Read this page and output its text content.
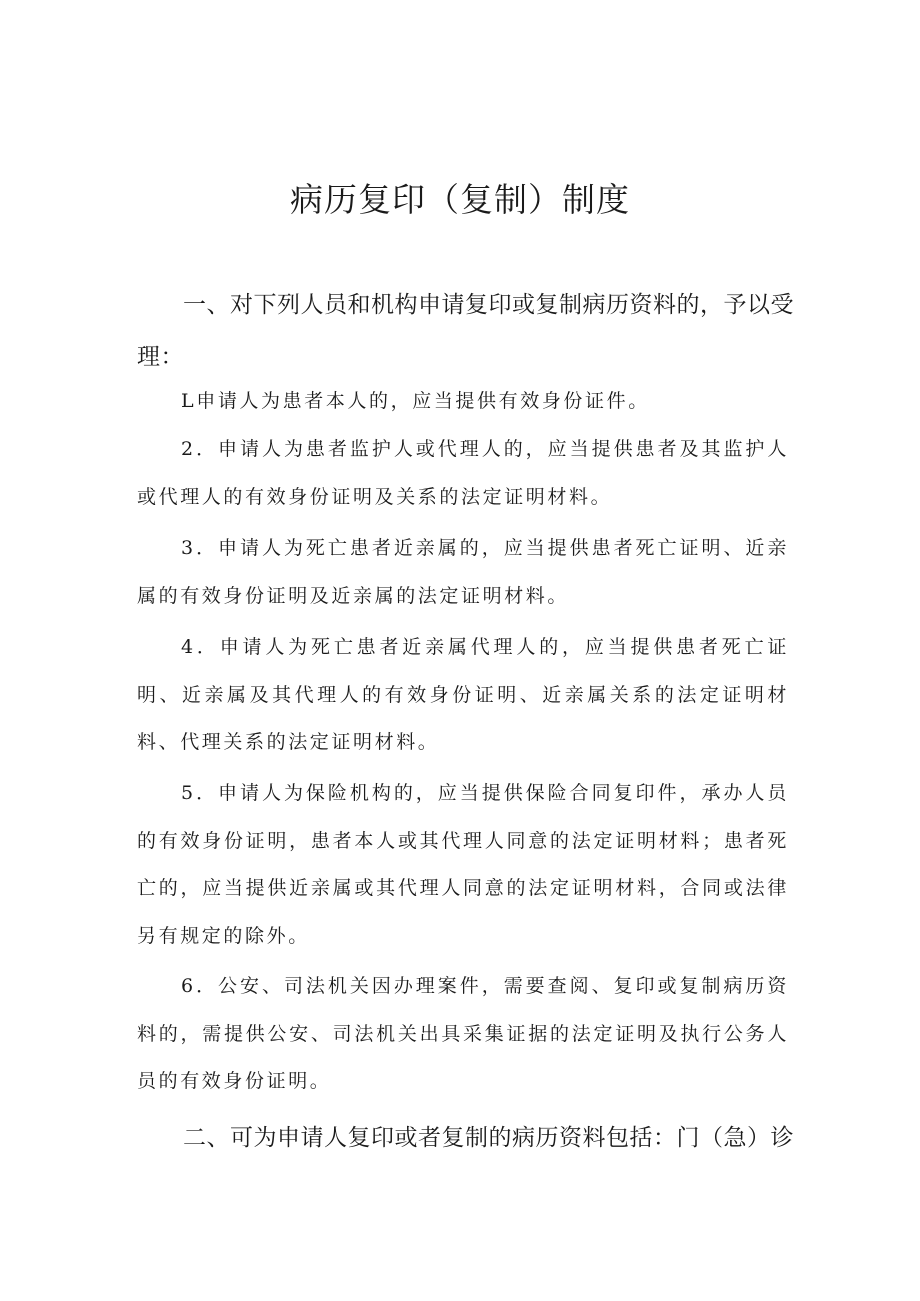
病历复印（复制）制度
一、对下列人员和机构申请复印或复制病历资料的，予以受理：
L申请人为患者本人的，应当提供有效身份证件。
2．申请人为患者监护人或代理人的，应当提供患者及其监护人或代理人的有效身份证明及关系的法定证明材料。
3．申请人为死亡患者近亲属的，应当提供患者死亡证明、近亲属的有效身份证明及近亲属的法定证明材料。
4．申请人为死亡患者近亲属代理人的，应当提供患者死亡证明、近亲属及其代理人的有效身份证明、近亲属关系的法定证明材料、代理关系的法定证明材料。
5．申请人为保险机构的，应当提供保险合同复印件，承办人员的有效身份证明，患者本人或其代理人同意的法定证明材料；患者死亡的，应当提供近亲属或其代理人同意的法定证明材料，合同或法律另有规定的除外。
6．公安、司法机关因办理案件，需要查阅、复印或复制病历资料的，需提供公安、司法机关出具采集证据的法定证明及执行公务人员的有效身份证明。
二、可为申请人复印或者复制的病历资料包括：门（急）诊
